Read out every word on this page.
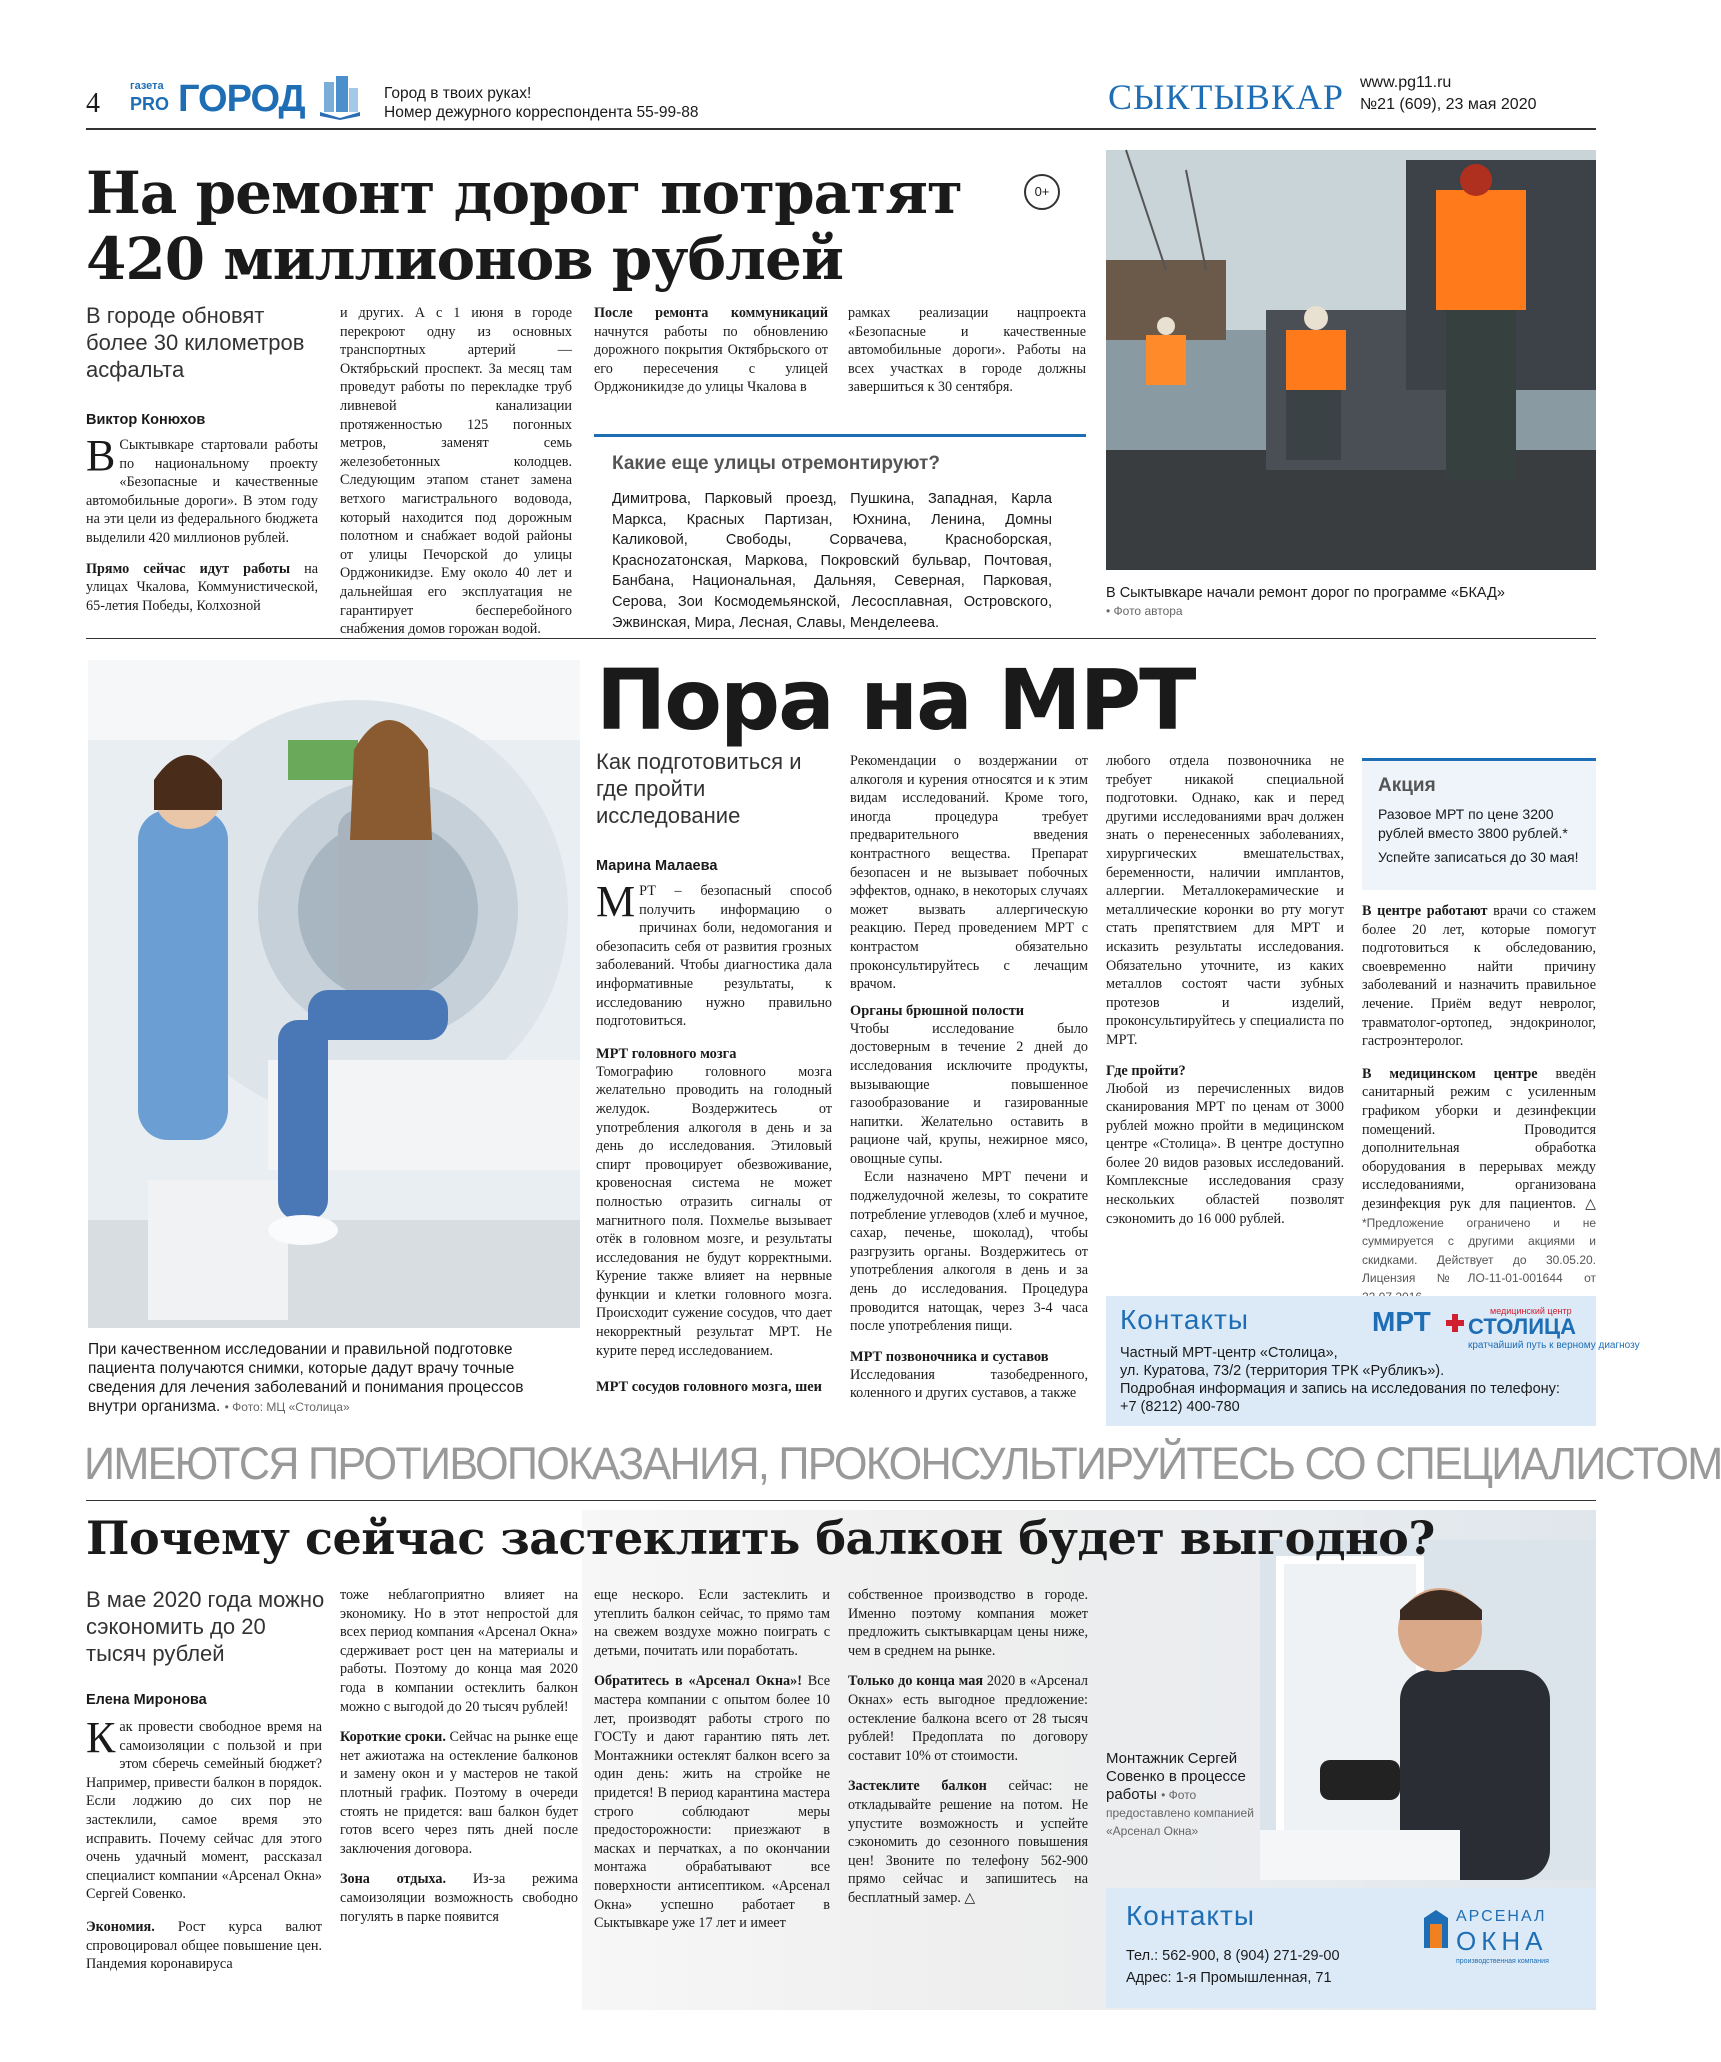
4
газета
PRO ГОРОД	Город в твоих руках!
Номер дежурного корреспондента 55-99-88	СЫКТЫВКАР www.pg11.ru
№21 (609), 23 мая 2020
На ремонт дорог потратят 420 миллионов рублей
0+
В городе обновят более 30 километров асфальта
Виктор Конюхов

В Сыктывкаре стартовали работы по национальному проекту «Безопасные и качественные автомобильные дороги». В этом году на эти цели из федерального бюджета выделили 420 миллионов рублей.

Прямо сейчас идут работы на улицах Чкалова, Коммунистической, 65-летия Победы, Колхозной

и других. А с 1 июня в городе перекроют одну из основных транспортных артерий — Октябрьский проспект. За месяц там проведут работы по перекладке труб ливневой канализации протяженностью 125 погонных метров, заменят семь железобетонных колодцев. Следующим этапом станет замена ветхого магистрального водовода, который находится под дорожным полотном и снабжает водой районы от улицы Печорской до улицы Орджоникидзе. Ему около 40 лет и дальнейшая его эксплуатация не гарантирует бесперебойного снабжения домов горожан водой.

После ремонта коммуникаций начнутся работы по обновлению дорожного покрытия Октябрьского от его пересечения с улицей Орджоникидзе до улицы Чкалова в

рамках реализации нацпроекта «Безопасные и качественные автомобильные дороги». Работы на всех участках в городе должны завершиться к 30 сентября.

Какие еще улицы отремонтируют?
Димитрова, Парковый проезд, Пушкина, Западная, Карла Маркса, Красных Партизан, Юхнина, Ленина, Домны Каликовой, Свободы, Сорвачева, Красноборская, Красноzатонская, Маркова, Покровский бульвар, Почтовая, Банбана, Национальная, Дальняя, Северная, Парковая, Серова, Зои Космодемьянской, Лесосплавная, Островского, Эжвинская, Мира, Лесная, Славы, Менделеева.
В Сыктывкаре начали ремонт дорог по программе «БКАД»
• Фото автора
При качественном исследовании и правильной подготовке пациента получаются снимки, которые дадут врачу точные сведения для лечения заболеваний и понимания процессов внутри организма. • Фото: МЦ «Столица»
Пора на МРТ
Как подготовиться и где пройти исследование
Марина Малаева

МРТ – безопасный способ получить информацию о причинах боли, недомогания и обезопасить себя от развития грозных заболеваний. Чтобы диагностика дала информативные результаты, к исследованию нужно правильно подготовиться.

МРТ головного мозга

Томографию головного мозга желательно проводить на голодный желудок. Воздержитесь от употребления алкоголя в день и за день до исследования. Этиловый спирт провоцирует обезвоживание, кровеносная система не может полностью отразить сигналы от магнитного поля. Похмелье вызывает отёк в головном мозге, и результаты исследования не будут корректными. Курение также влияет на нервные функции и клетки головного мозга. Происходит сужение сосудов, что дает некорректный результат МРТ. Не курите перед исследованием.

МРТ сосудов головного мозга, шеи

Рекомендации о воздержании от алкоголя и курения относятся и к этим видам исследований. Кроме того, иногда процедура требует предварительного введения контрастного вещества. Препарат безопасен и не вызывает побочных эффектов, однако, в некоторых случаях может вызвать аллергическую реакцию. Перед проведением МРТ с контрастом обязательно проконсультируйтесь с лечащим врачом.

Органы брюшной полости

Чтобы исследование было достоверным в течение 2 дней до исследования исключите продукты, вызывающие повышенное газообразование и газированные напитки. Желательно оставить в рационе чай, крупы, нежирное мясо, овощные супы.

Если назначено МРТ печени и поджелудочной железы, то сократите потребление углеводов (хлеб и мучное, сахар, печенье, шоколад), чтобы разгрузить органы. Воздержитесь от употребления алкоголя в день и за день до исследования. Процедура проводится натощак, через 3-4 часа после употребления пищи.

МРТ позвоночника и суставов

Исследования тазобедренного, коленного и других суставов, а также

любого отдела позвоночника не требует никакой специальной подготовки. Однако, как и перед другими исследованиями врач должен знать о перенесенных заболеваниях, хирургических вмешательствах, беременности, наличии имплантов, аллергии. Металлокерамические и металлические коронки во рту могут стать препятствием для МРТ и исказить результаты исследования. Обязательно уточните, из каких металлов состоят части зубных протезов и изделий, проконсультируйтесь у специалиста по МРТ.

Где пройти?

Любой из перечисленных видов сканирования МРТ по ценам от 3000 рублей можно пройти в медицинском центре «Столица». В центре доступно более 20 видов разовых исследований. Комплексные исследования сразу нескольких областей позволят сэкономить до 16 000 рублей.

Акция
Разовое МРТ по цене 3200 рублей вместо 3800 рублей.*
Успейте записаться до 30 мая!

В центре работают врачи со стажем более 20 лет, которые помогут подготовиться к обследованию, своевременно найти причину заболеваний и назначить правильное лечение. Приём ведут невролог, травматолог-ортопед, эндокринолог, гастроэнтеролог.

В медицинском центре введён санитарный режим с усиленным графиком уборки и дезинфекции помещений. Проводится дополнительная обработка оборудования в перерывах между исследованиями, организована дезинфекция рук для пациентов. △ *Предложение ограничено и не суммируется с другими акциями и скидками. Действует до 30.05.20. Лицензия №ЛО-11-01-001644 от

Контакты	МРТ	медицинский центр
СТОЛИЦА
кратчайший путь к верному диагнозу
Частный МРТ-центр «Столица»,
ул. Куратова, 73/2 (территория ТРК «Рубликъ»).
Подробная информация и запись на исследования по телефону:
+7 (8212) 400-780
ИМЕЮТСЯ ПРОТИВОПОКАЗАНИЯ, ПРОКОНСУЛЬТИРУЙТЕСЬ СО СПЕЦИАЛИСТОМ
Почему сейчас застеклить балкон будет выгодно?
В мае 2020 года можно сэкономить до 20 тысяч рублей
Елена Миронова

Как провести свободное время на самоизоляции с пользой и при этом сберечь семейный бюджет? Например, привести балкон в порядок. Если лоджию до сих пор не застеклили, самое время это исправить. Почему сейчас для этого очень удачный момент, рассказал специалист компании «Арсенал Окна» Сергей Совенко.

Экономия. Рост курса валют спровоцировал общее повышение цен. Пандемия коронавируса

тоже неблагоприятно влияет на экономику. Но в этот непростой для всех период компания «Арсенал Окна» сдерживает рост цен на материалы и работы. Поэтому до конца мая 2020 года в компании остеклить балкон можно с выгодой до 20 тысяч рублей!

Короткие сроки. Сейчас на рынке еще нет ажиотажа на остекление балконов и замену окон и у мастеров не такой плотный график. Поэтому в очереди стоять не придется: ваш балкон будет готов всего через пять дней после заключения договора.

Зона отдыха. Из-за режима самоизоляции возможность свободно погулять в парке появится

еще нескоро. Если застеклить и утеплить балкон сейчас, то прямо там на свежем воздухе можно поиграть с детьми, почитать или поработать.

Обратитесь в «Арсенал Окна»! Все мастера компании с опытом более 10 лет, производят работы строго по ГОСТу и дают гарантию пять лет. Монтажники остеклят балкон всего за один день: жить на стройке не придется! В период карантина мастера строго соблюдают меры предосторожности: приезжают в масках и перчатках, а по окончании монтажа обрабатывают все поверхности антисептиком. «Арсенал Окна» успешно работает в Сыктывкаре уже 17 лет и имеет

собственное производство в городе. Именно поэтому компания может предложить сыктывкарцам цены ниже, чем в среднем на рынке.

Только до конца мая 2020 в «Арсенал Окнах» есть выгодное предложение: остекление балкона всего от 28 тысяч рублей! Предоплата по договору составит 10% от стоимости.

Застеклите балкон сейчас: не откладывайте решение на потом. Не упустите возможность и успейте сэкономить до сезонного повышения цен! Звоните по телефону 562-900 прямо сейчас и запишитесь на бесплатный замер. △

Монтажник Сергей Совенко в процессе работы • Фото предоставлено компанией «Арсенал Окна»
Контакты
Тел.: 562-900, 8 (904) 271-29-00
Адрес: 1-я Промышленная, 71
АРСЕНАЛ
ОКНА
производственная компания
